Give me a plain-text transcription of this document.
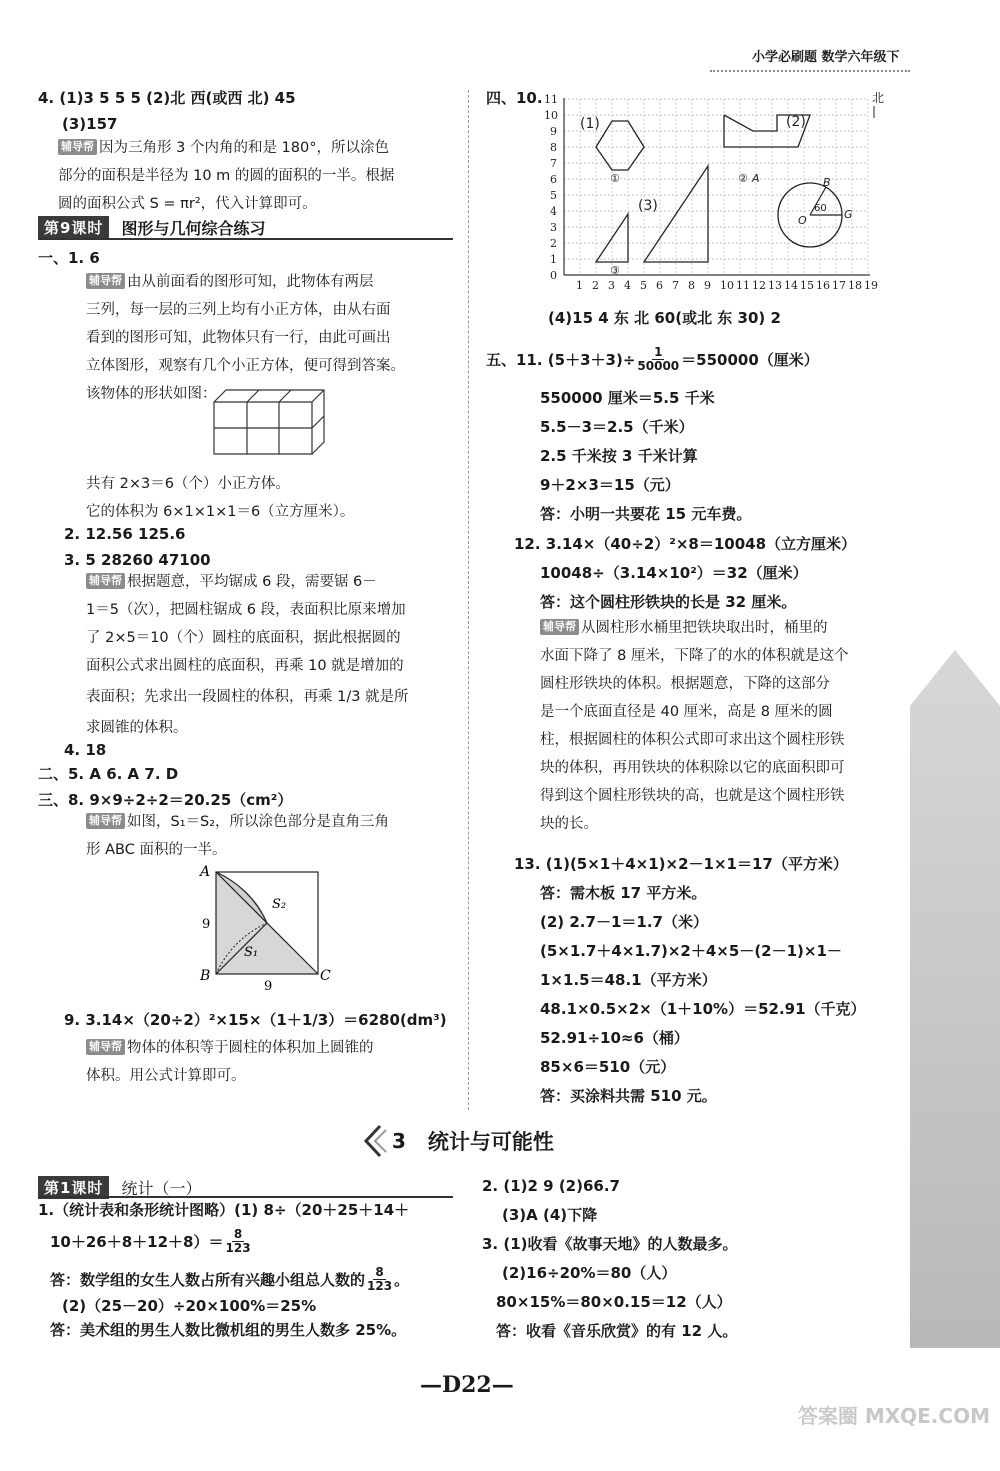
小学必刷题 数学六年级下
4. (1)3 5 5 5 (2)北 西(或西 北) 45
(3)157
辅导帮 因为三角形 3 个内角的和是 180°，所以涂色
部分的面积是半径为 10 m 的圆的面积的一半。根据
圆的面积公式 S = πr²，代入计算即可。
第9课时	图形与几何综合练习
一、1. 6
辅导帮 由从前面看的图形可知，此物体有两层
三列，每一层的三列上均有小正方体，由从右面
看到的图形可知，此物体只有一行，由此可画出
立体图形，观察有几个小正方体，便可得到答案。
该物体的形状如图：
共有 2×3＝6（个）小正方体。
它的体积为 6×1×1×1＝6（立方厘米）。
2. 12.56 125.6
3. 5 28260 47100
辅导帮 根据题意，平均锯成 6 段，需要锯 6－
1＝5（次），把圆柱锯成 6 段，表面积比原来增加
了 2×5＝10（个）圆柱的底面积，据此根据圆的
面积公式求出圆柱的底面积，再乘 10 就是增加的
表面积；先求出一段圆柱的体积，再乘 1/3 就是所
求圆锥的体积。
4. 18
二、5. A 6. A 7. D
三、8. 9×9÷2÷2＝20.25（cm²）
辅导帮 如图，S₁＝S₂，所以涂色部分是直角三角
形 ABC 面积的一半。
A
B	C
S₂
S₁
9
9
9. 3.14×（20÷2）²×15×（1＋1/3）＝6280(dm³)
辅导帮 物体的体积等于圆柱的体积加上圆锥的
体积。用公式计算即可。
四、10.
1 2 3 4 5 6 7 8 9 10 11 12 13 14 15 16 17 18 19
0
1
2
3
4
5
6
7
8
9
10
11	北
(1)	(2)
(3)
①	②
③
A	B
O	G
60
(4)15 4 东 北 60(或北 东 30) 2
五、11. $(5+3+3)\div \frac{1}{50000} =550000$（厘米）
550000 厘米＝5.5 千米
5.5－3＝2.5（千米）
2.5 千米按 3 千米计算
9＋2×3＝15（元）
答：小明一共要花 15 元车费。
12. 3.14×（40÷2）²×8＝10048（立方厘米）
10048÷（3.14×10²）＝32（厘米）
答：这个圆柱形铁块的长是 32 厘米。
辅导帮 从圆柱形水桶里把铁块取出时，桶里的
水面下降了 8 厘米，下降了的水的体积就是这个
圆柱形铁块的体积。根据题意，下降的这部分
是一个底面直径是 40 厘米，高是 8 厘米的圆
柱，根据圆柱的体积公式即可求出这个圆柱形铁
块的体积，再用铁块的体积除以它的底面积即可
得到这个圆柱形铁块的高，也就是这个圆柱形铁
块的长。
13. (1)(5×1＋4×1)×2－1×1＝17（平方米）
答：需木板 17 平方米。
(2) 2.7－1＝1.7（米）
(5×1.7＋4×1.7)×2＋4×5－(2－1)×1－
1×1.5＝48.1（平方米）
48.1×0.5×2×（1＋10%）＝52.91（千克）
52.91÷10≈6（桶）
85×6＝510（元）
答：买涂料共需 510 元。
3 统计与可能性
第1课时	统计（一）
1.（统计表和条形统计图略）(1) 8÷（20＋25＋14＋
$10+26+8+12+8)= \frac{8}{123}$
答：数学组的女生人数占所有兴趣小组总人数的 $\frac{8}{123}$ 。
(2)（25－20）÷20×100%＝25%
答：美术组的男生人数比微机组的男生人数多 25%。
2. (1)2 9 (2)66.7
(3)A (4)下降
3. (1)收看《故事天地》的人数最多。
(2)16÷20%＝80（人）
80×15%＝80×0.15＝12（人）
答：收看《音乐欣赏》的有 12 人。
—D22—
答案圈 MXQE.COM
